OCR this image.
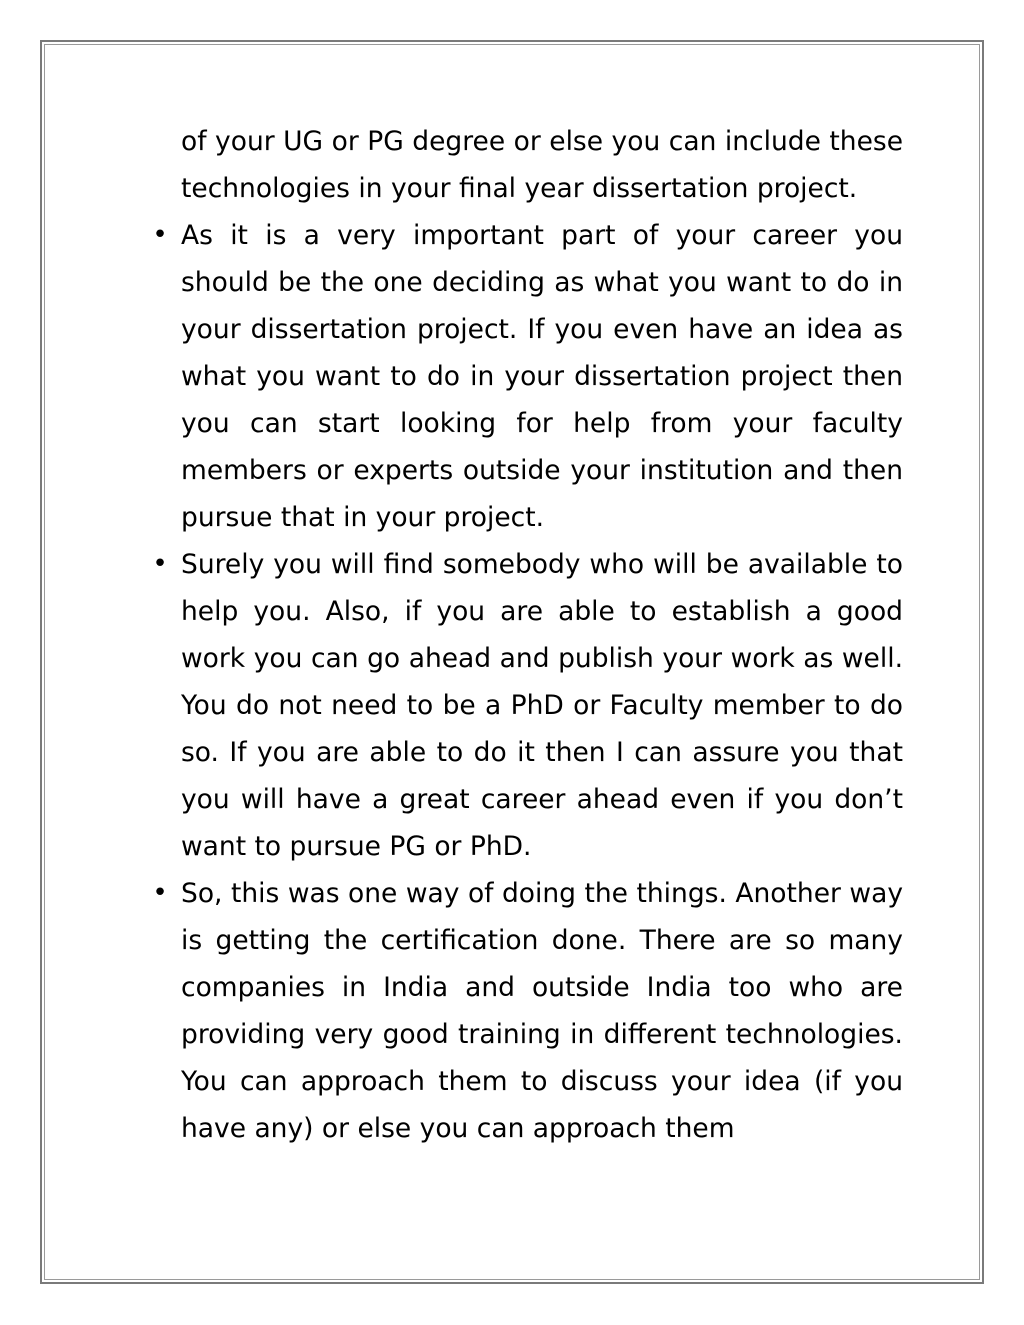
of your UG or PG degree or else you can include these technologies in your final year dissertation project.

• As it is a very important part of your career you should be the one deciding as what you want to do in your dissertation project. If you even have an idea as what you want to do in your dissertation project then you can start looking for help from your faculty members or experts outside your institution and then pursue that in your project.
• Surely you will find somebody who will be available to help you. Also, if you are able to establish a good work you can go ahead and publish your work as well. You do not need to be a PhD or Faculty member to do so. If you are able to do it then I can assure you that you will have a great career ahead even if you don’t want to pursue PG or PhD.
• So, this was one way of doing the things. Another way is getting the certification done. There are so many companies in India and outside India too who are providing very good training in different technologies. You can approach them to discuss your idea (if you have any) or else you can approach them
